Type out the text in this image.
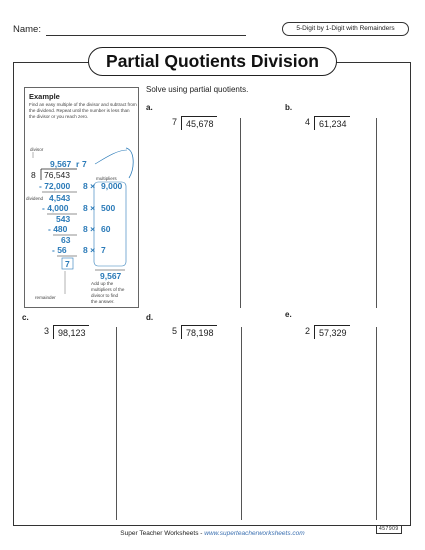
Name:	5-Digit by 1-Digit with Remainders
Partial Quotients Division
Solve using partial quotients.
Example
Find an easy multiple of the divisor and subtract from the dividend. Repeat until the number is less than the divisor or you reach zero.
divisor
9,567 r 7
8 76,543	multipliers
dividend
- 72,000 8 × 9,000
4,543
- 4,000 8 × 500
543
- 480 8 × 60
63
- 56 8 × 7
7
9,567
Add up the
multipliers of the
divisor to find
the answer.
remainder
a.
7	45,678
b.
4	61,234
c.
3	98,123
d.
5	78,198
e.
2	57,329
Super Teacher Worksheets - www.superteacherworksheets.com
457909
